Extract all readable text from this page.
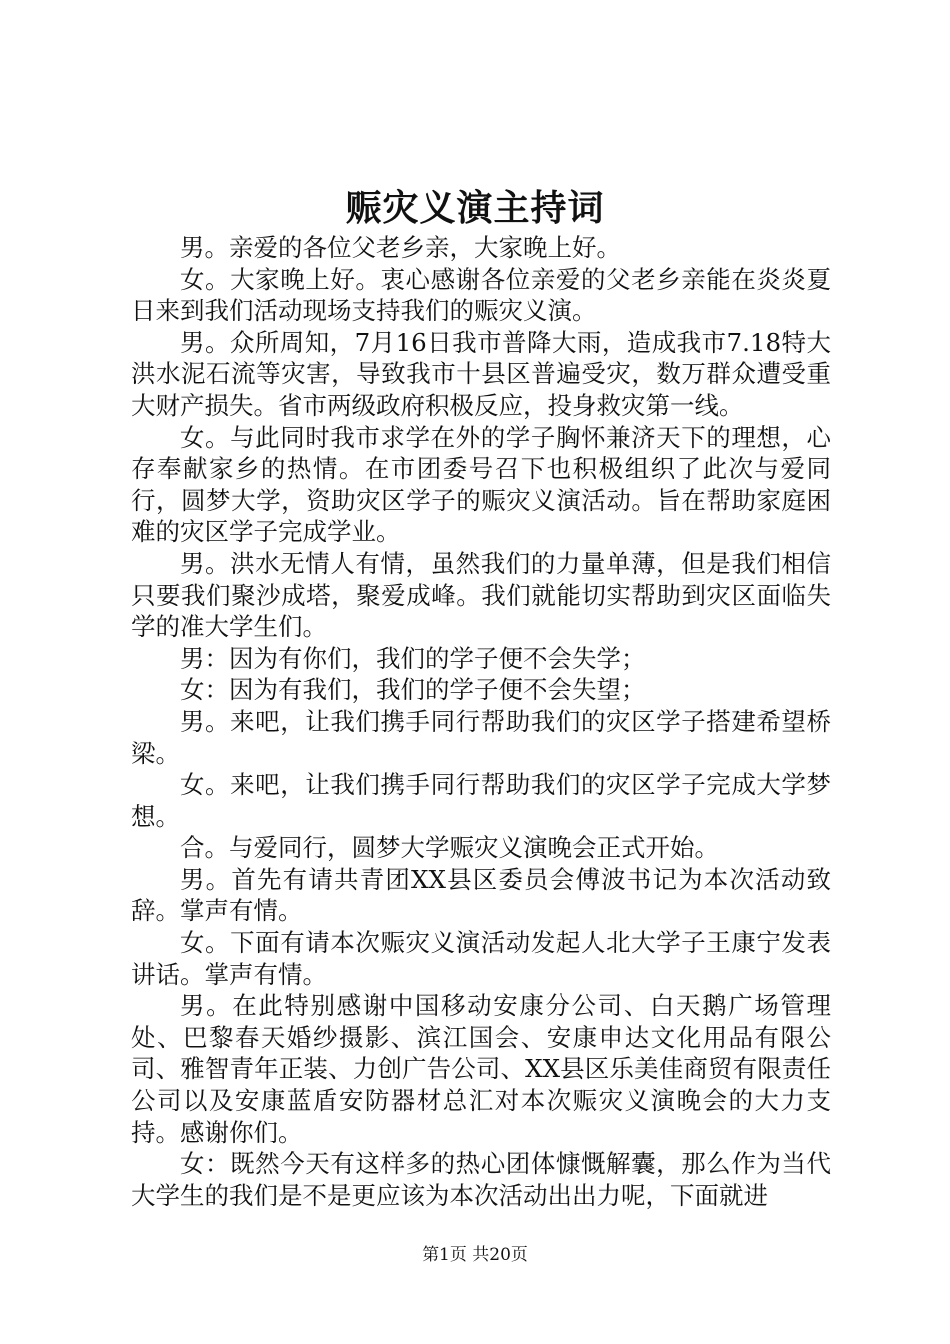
赈灾义演主持词

男。亲爱的各位父老乡亲，大家晚上好。

女。大家晚上好。衷心感谢各位亲爱的父老乡亲能在炎炎夏日来到我们活动现场支持我们的赈灾义演。

男。众所周知，7月16日我市普降大雨，造成我市7.18特大洪水泥石流等灾害，导致我市十县区普遍受灾，数万群众遭受重大财产损失。省市两级政府积极反应，投身救灾第一线。

女。与此同时我市求学在外的学子胸怀兼济天下的理想，心存奉献家乡的热情。在市团委号召下也积极组织了此次与爱同行，圆梦大学，资助灾区学子的赈灾义演活动。旨在帮助家庭困难的灾区学子完成学业。

男。洪水无情人有情，虽然我们的力量单薄，但是我们相信只要我们聚沙成塔，聚爱成峰。我们就能切实帮助到灾区面临失学的准大学生们。

男：因为有你们，我们的学子便不会失学；

女：因为有我们，我们的学子便不会失望；

男。来吧，让我们携手同行帮助我们的灾区学子搭建希望桥梁。

女。来吧，让我们携手同行帮助我们的灾区学子完成大学梦想。

合。与爱同行，圆梦大学赈灾义演晚会正式开始。

男。首先有请共青团XX县区委员会傅波书记为本次活动致辞。掌声有情。

女。下面有请本次赈灾义演活动发起人北大学子王康宁发表讲话。掌声有情。

男。在此特别感谢中国移动安康分公司、白天鹅广场管理处、巴黎春天婚纱摄影、滨江国会、安康申达文化用品有限公司、雅智青年正装、力创广告公司、XX县区乐美佳商贸有限责任公司以及安康蓝盾安防器材总汇对本次赈灾义演晚会的大力支持。感谢你们。

女：既然今天有这样多的热心团体慷慨解囊，那么作为当代大学生的我们是不是更应该为本次活动出出力呢，下面就进

第1页 共20页
